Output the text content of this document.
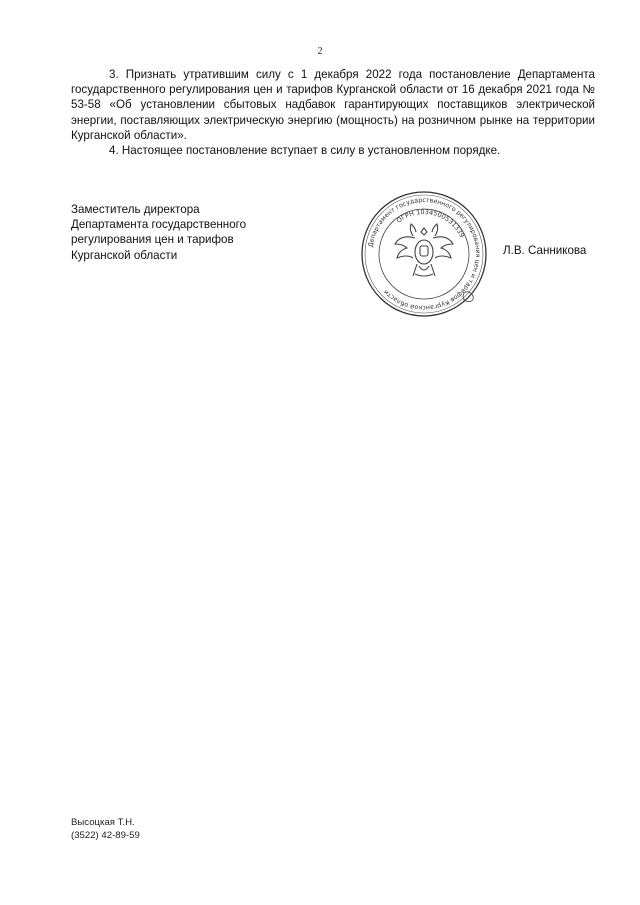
2

3. Признать утратившим силу с 1 декабря 2022 года постановление Департамента государственного регулирования цен и тарифов Курганской области от 16 декабря 2021 года № 53-58 «Об установлении сбытовых надбавок гарантирующих поставщиков электрической энергии, поставляющих электрическую энергию (мощность) на розничном рынке на территории Курганской области».

4. Настоящее постановление вступает в силу в установленном порядке.

Заместитель директора
Департамента государственного
регулирования цен и тарифов
Курганской области
Департамент государственного регулирования цен и тарифов Курганской области
ОГРН 1034500531339
Л.В. Санникова
Высоцкая Т.Н.
(3522) 42-89-59
